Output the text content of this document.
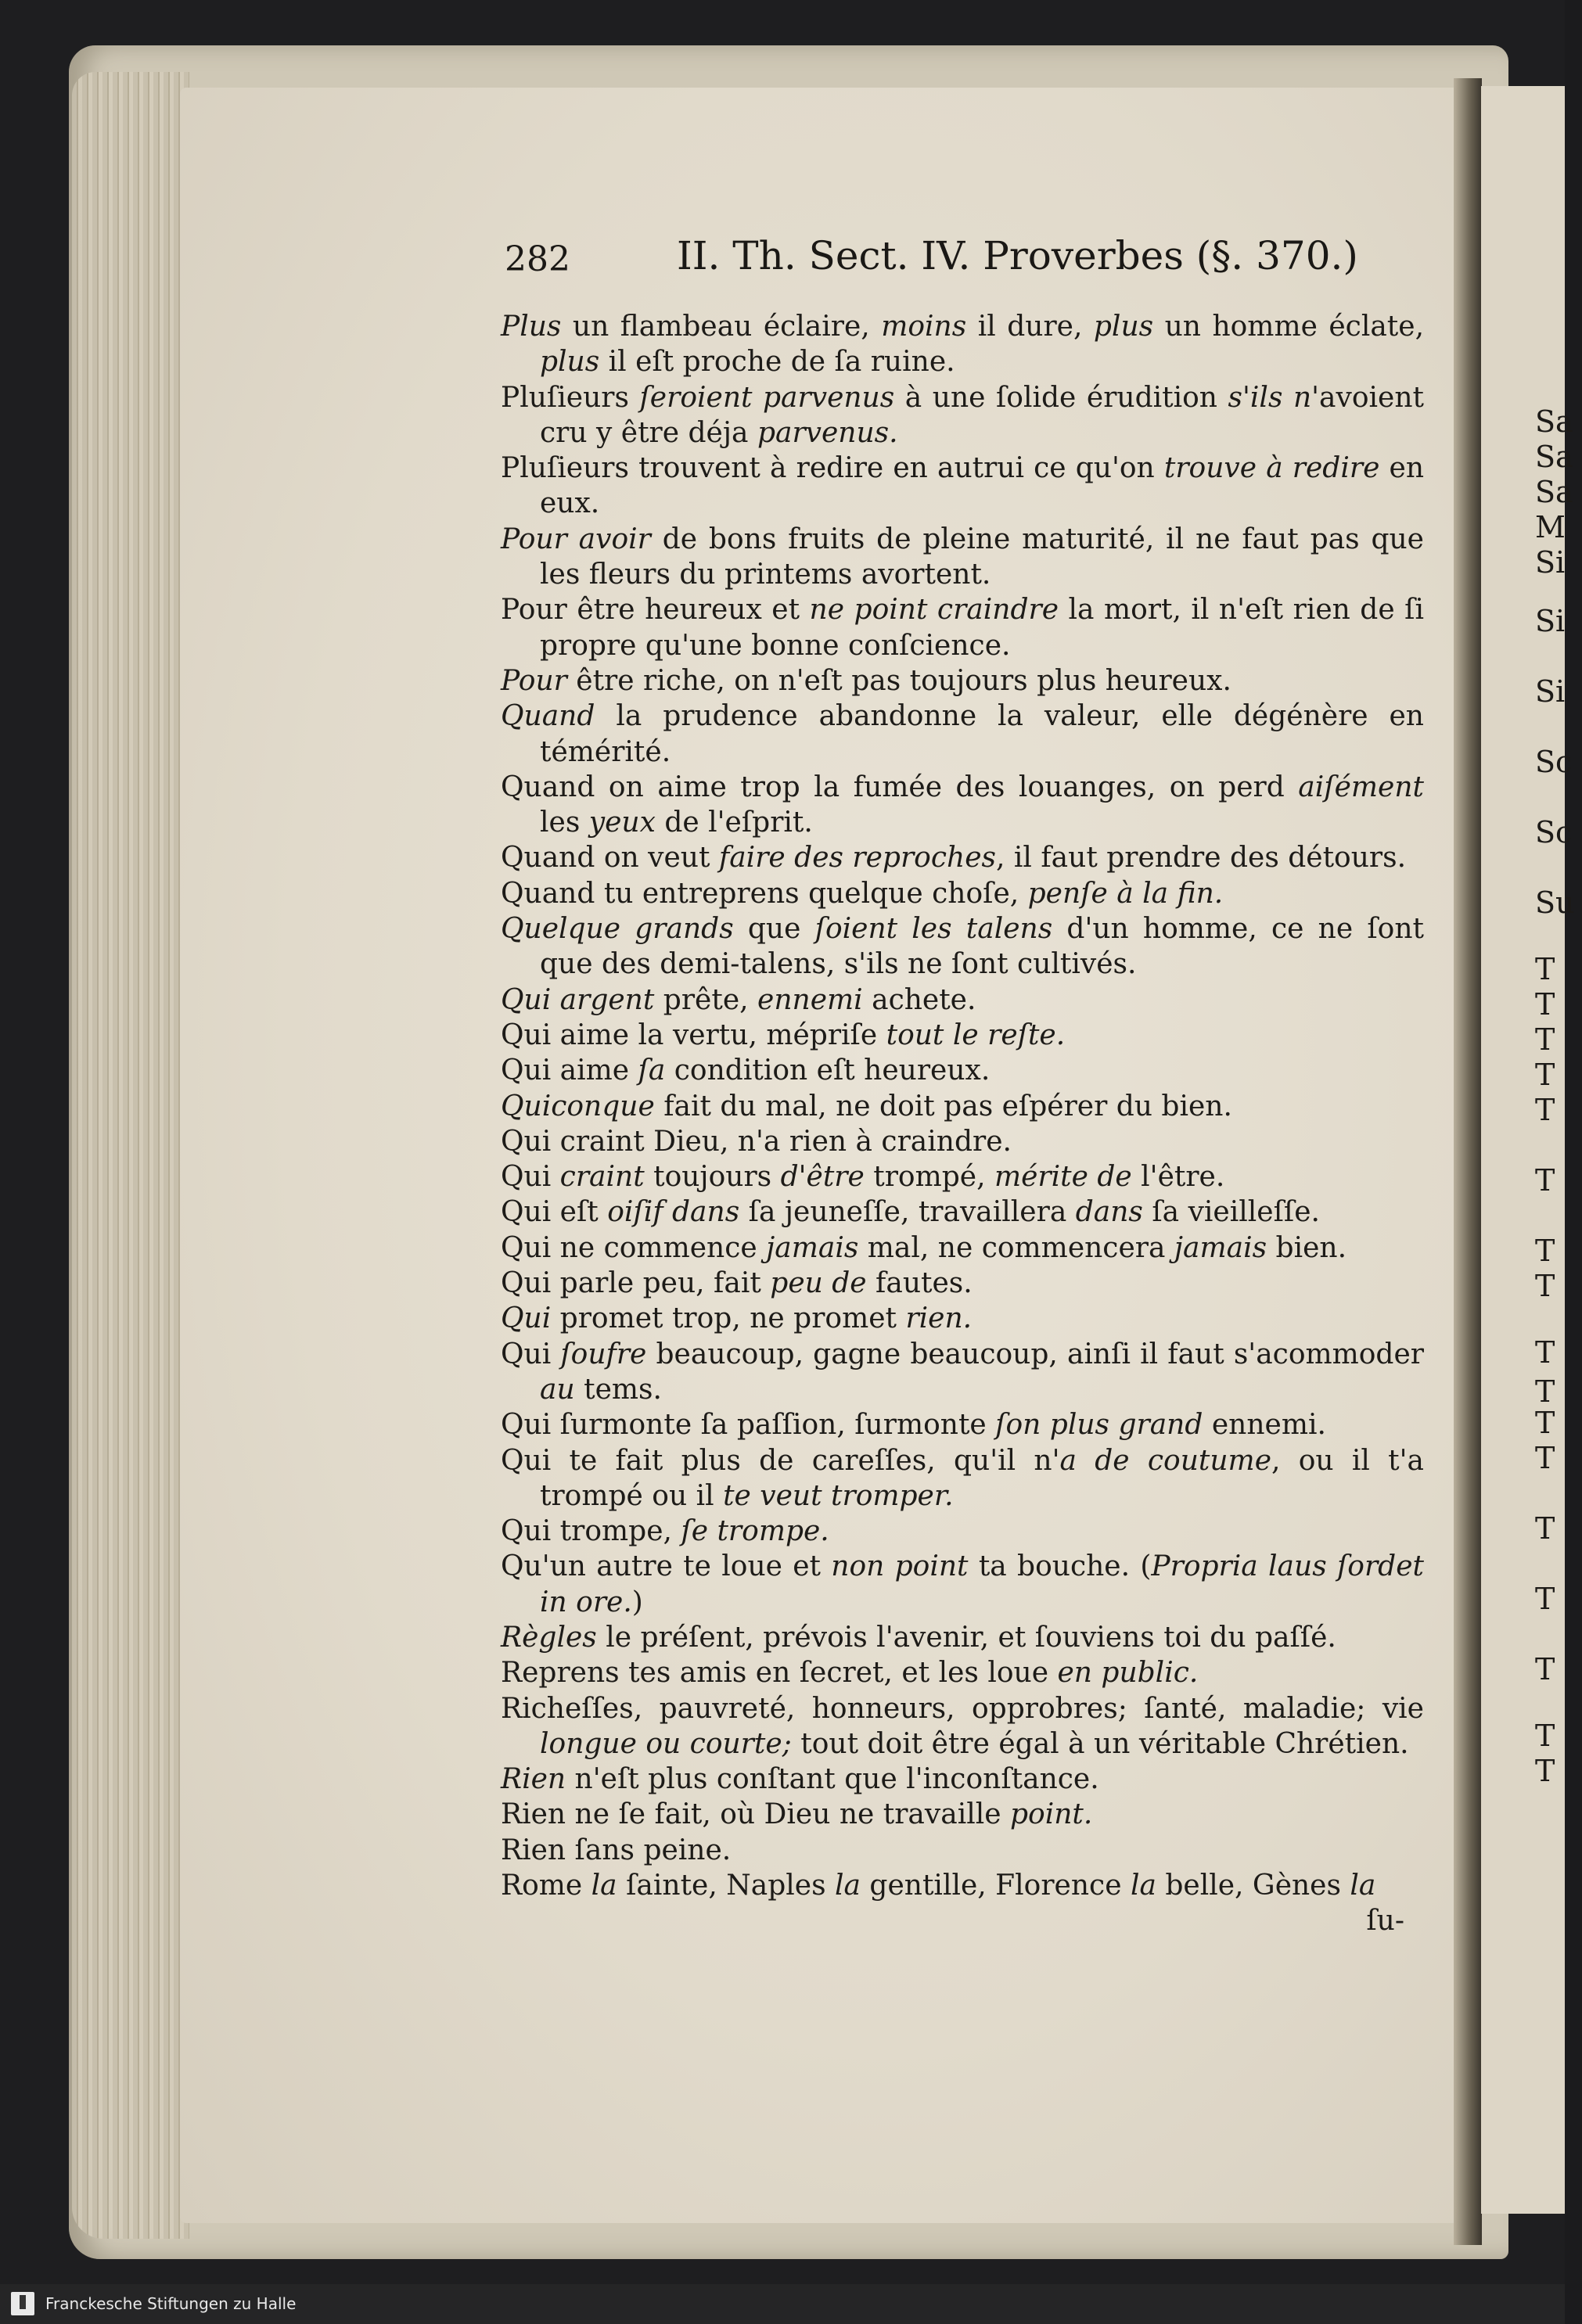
Sa
Sa
Sa
M
Si
Si
Si
Sc
Sc
Su
T
T
T
T
T
T
T
T
T
T
T
T
T
T
T
T
T
282	II. Th. Sect. IV. Proverbes (§. 370.)

Plus un flambeau éclaire, moins il dure, plus un homme éclate, plus il eſt proche de ſa ruine.

Pluſieurs ſeroient parvenus à une ſolide érudition s'ils n'avoient cru y être déja parvenus.

Pluſieurs trouvent à redire en autrui ce qu'on trouve à redire en eux.

Pour avoir de bons fruits de pleine maturité, il ne faut pas que les fleurs du printems avortent.

Pour être heureux et ne point craindre la mort, il n'eſt rien de ſi propre qu'une bonne conſcience.

Pour être riche, on n'eſt pas toujours plus heureux.

Quand la prudence abandonne la valeur, elle dégénère en témérité.

Quand on aime trop la fumée des louanges, on perd aiſément les yeux de l'eſprit.

Quand on veut faire des reproches, il faut prendre des détours.

Quand tu entreprens quelque choſe, penſe à la fin.

Quelque grands que ſoient les talens d'un homme, ce ne ſont que des demi-talens, s'ils ne ſont cultivés.

Qui argent prête, ennemi achete.

Qui aime la vertu, mépriſe tout le reſte.

Qui aime ſa condition eſt heureux.

Quiconque fait du mal, ne doit pas eſpérer du bien.

Qui craint Dieu, n'a rien à craindre.

Qui craint toujours d'être trompé, mérite de l'être.

Qui eſt oiſif dans ſa jeuneſſe, travaillera dans ſa vieilleſſe.

Qui ne commence jamais mal, ne commencera jamais bien.

Qui parle peu, fait peu de fautes.

Qui promet trop, ne promet rien.

Qui ſoufre beaucoup, gagne beaucoup, ainſi il faut s'acommoder au tems.

Qui ſurmonte ſa paſſion, ſurmonte ſon plus grand ennemi.

Qui te fait plus de careſſes, qu'il n'a de coutume, ou il t'a trompé ou il te veut tromper.

Qui trompe, ſe trompe.

Qu'un autre te loue et non point ta bouche. (Propria laus ſordet in ore.)

Règles le préſent, prévois l'avenir, et ſouviens toi du paſſé.

Reprens tes amis en ſecret, et les loue en public.

Richeſſes, pauvreté, honneurs, opprobres; ſanté, maladie; vie longue ou courte; tout doit être égal à un véritable Chrétien.

Rien n'eſt plus conſtant que l'inconſtance.

Rien ne ſe fait, où Dieu ne travaille point.

Rien ſans peine.

Rome la ſainte, Naples la gentille, Florence la belle, Gènes la

ſu-

Franckesche Stiftungen zu Halle
